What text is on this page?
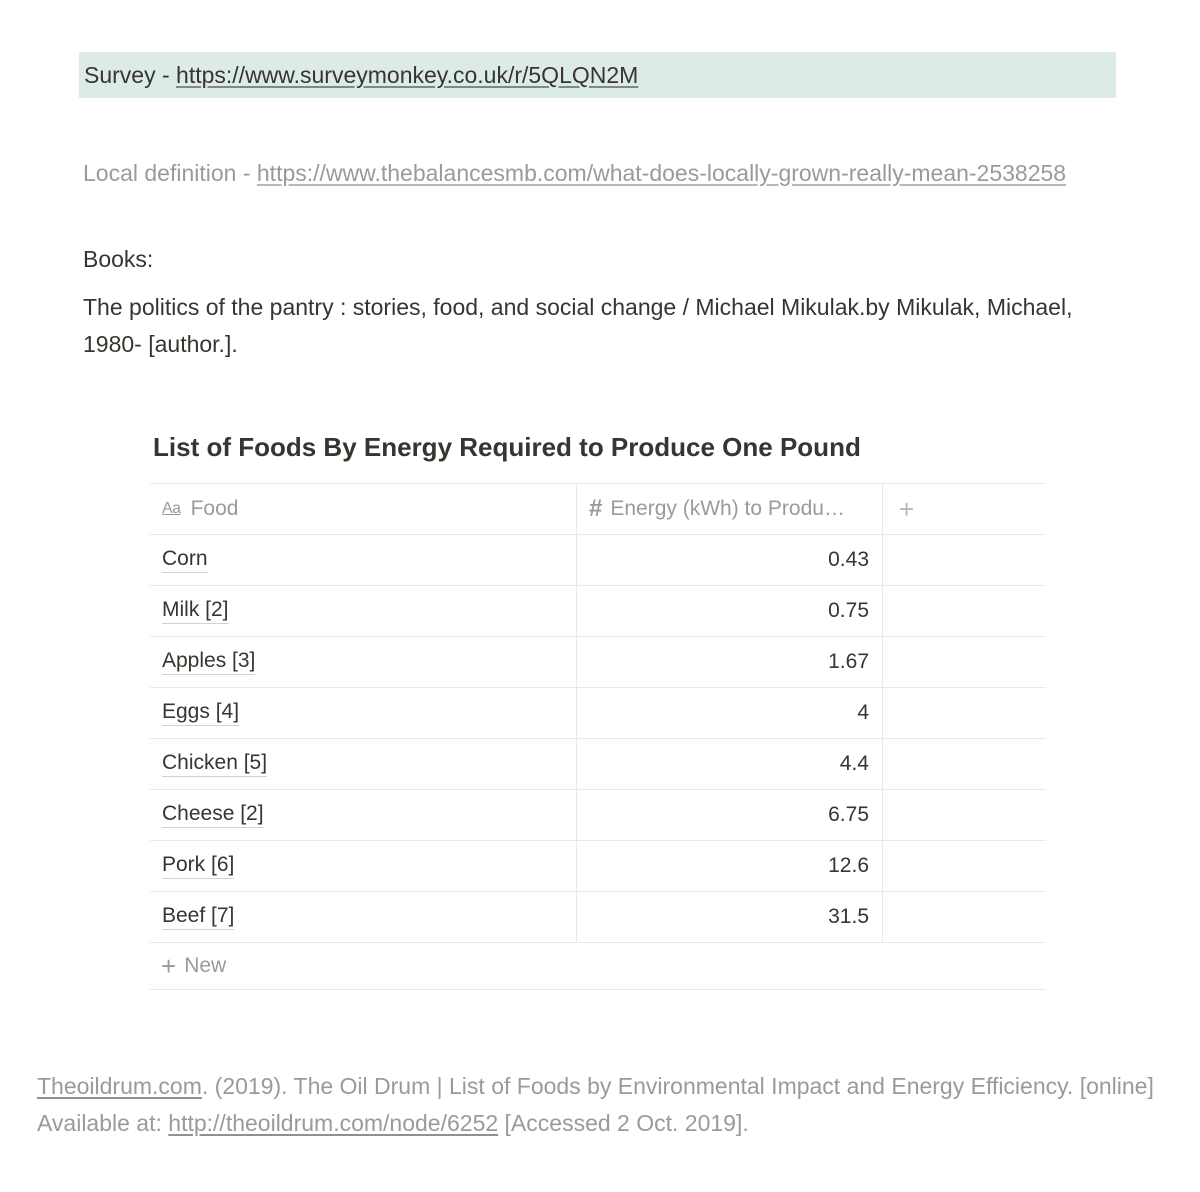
Survey - https://www.surveymonkey.co.uk/r/5QLQN2M
Local definition - https://www.thebalancesmb.com/what-does-locally-grown-really-mean-2538258
Books:
The politics of the pantry : stories, food, and social change / Michael Mikulak.by Mikulak, Michael, 1980- [author.].
List of Foods By Energy Required to Produce One Pound
Aa Food	# Energy (kWh) to Produ… +
Corn	0.43
Milk [2]	0.75
Apples [3]	1.67
Eggs [4]	4
Chicken [5]	4.4
Cheese [2]	6.75
Pork [6]	12.6
Beef [7]	31.5
+ New
Theoildrum.com. (2019). The Oil Drum | List of Foods by Environmental Impact and Energy Efficiency. [online] Available at: http://theoildrum.com/node/6252 [Accessed 2 Oct. 2019].
